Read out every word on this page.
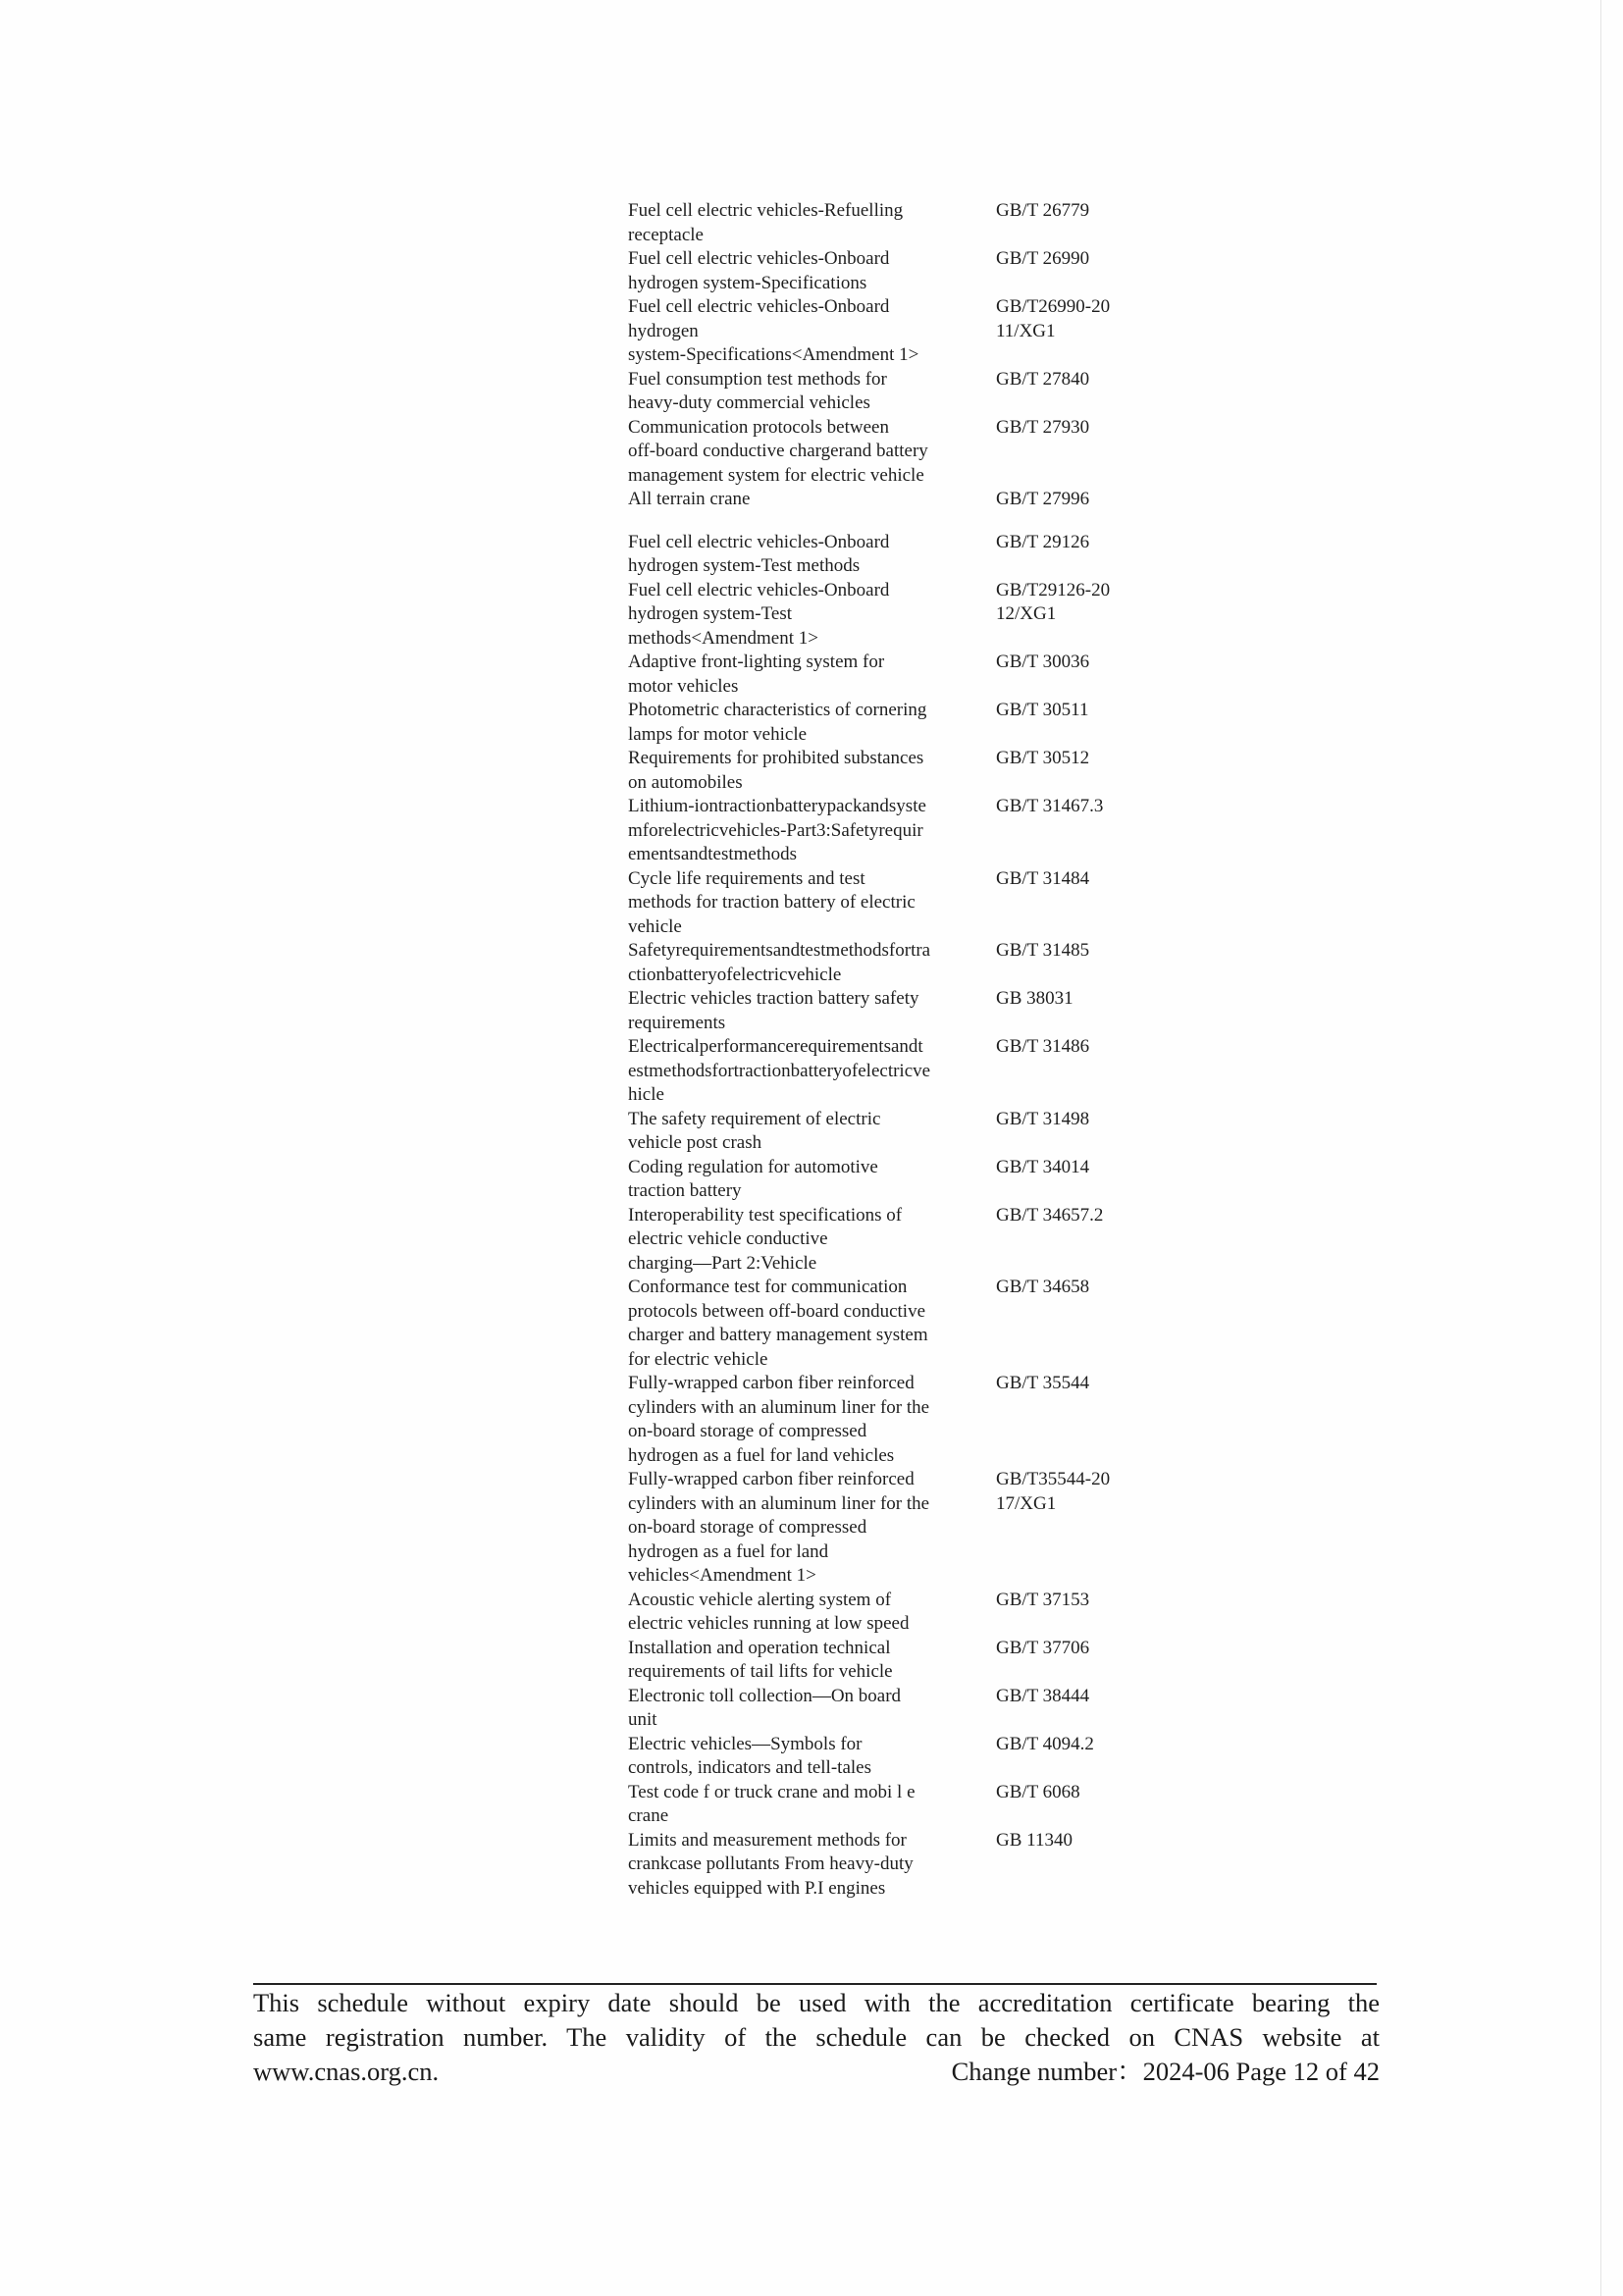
Fuel cell electric vehicles-Refuelling
receptacle
GB/T 26779
Fuel cell electric vehicles-Onboard
hydrogen system-Specifications
GB/T 26990
Fuel cell electric vehicles-Onboard
hydrogen
system-Specifications<Amendment 1>
GB/T26990-20
11/XG1
Fuel consumption test methods for
heavy-duty commercial vehicles
GB/T 27840
Communication protocols between
off-board conductive chargerand battery
management system for electric vehicle
GB/T 27930
All terrain crane	GB/T 27996
Fuel cell electric vehicles-Onboard
hydrogen system-Test methods
GB/T 29126
Fuel cell electric vehicles-Onboard
hydrogen system-Test
methods<Amendment 1>
GB/T29126-20
12/XG1
Adaptive front-lighting system for
motor vehicles
GB/T 30036
Photometric characteristics of cornering
lamps for motor vehicle
GB/T 30511
Requirements for prohibited substances
on automobiles
GB/T 30512
Lithium-iontractionbatterypackandsyste
mforelectricvehicles-Part3:Safetyrequir
ementsandtestmethods
GB/T 31467.3
Cycle life requirements and test
methods for traction battery of electric
vehicle
GB/T 31484
Safetyrequirementsandtestmethodsfortra
ctionbatteryofelectricvehicle
GB/T 31485
Electric vehicles traction battery safety
requirements
GB 38031
Electricalperformancerequirementsandt
estmethodsfortractionbatteryofelectricve
hicle
GB/T 31486
The safety requirement of electric
vehicle post crash
GB/T 31498
Coding regulation for automotive
traction battery
GB/T 34014
Interoperability test specifications of
electric vehicle conductive
charging—Part 2:Vehicle
GB/T 34657.2
Conformance test for communication
protocols between off-board conductive
charger and battery management system
for electric vehicle
GB/T 34658
Fully-wrapped carbon fiber reinforced
cylinders with an aluminum liner for the
on-board storage of compressed
hydrogen as a fuel for land vehicles
GB/T 35544
Fully-wrapped carbon fiber reinforced
cylinders with an aluminum liner for the
on-board storage of compressed
hydrogen as a fuel for land
vehicles<Amendment 1>
GB/T35544-20
17/XG1
Acoustic vehicle alerting system of
electric vehicles running at low speed
GB/T 37153
Installation and operation technical
requirements of tail lifts for vehicle
GB/T 37706
Electronic toll collection—On board
unit
GB/T 38444
Electric vehicles—Symbols for
controls, indicators and tell-tales
GB/T 4094.2
Test code f or truck crane and mobi l e
crane
GB/T 6068
Limits and measurement methods for
crankcase pollutants From heavy-duty
vehicles equipped with P.I engines
GB 11340
This schedule without expiry date should be used with the accreditation certificate bearing the
same registration number. The validity of the schedule can be checked on CNAS website at
www.cnas.org.cn.	Change number：2024-06 Page 12 of 42
